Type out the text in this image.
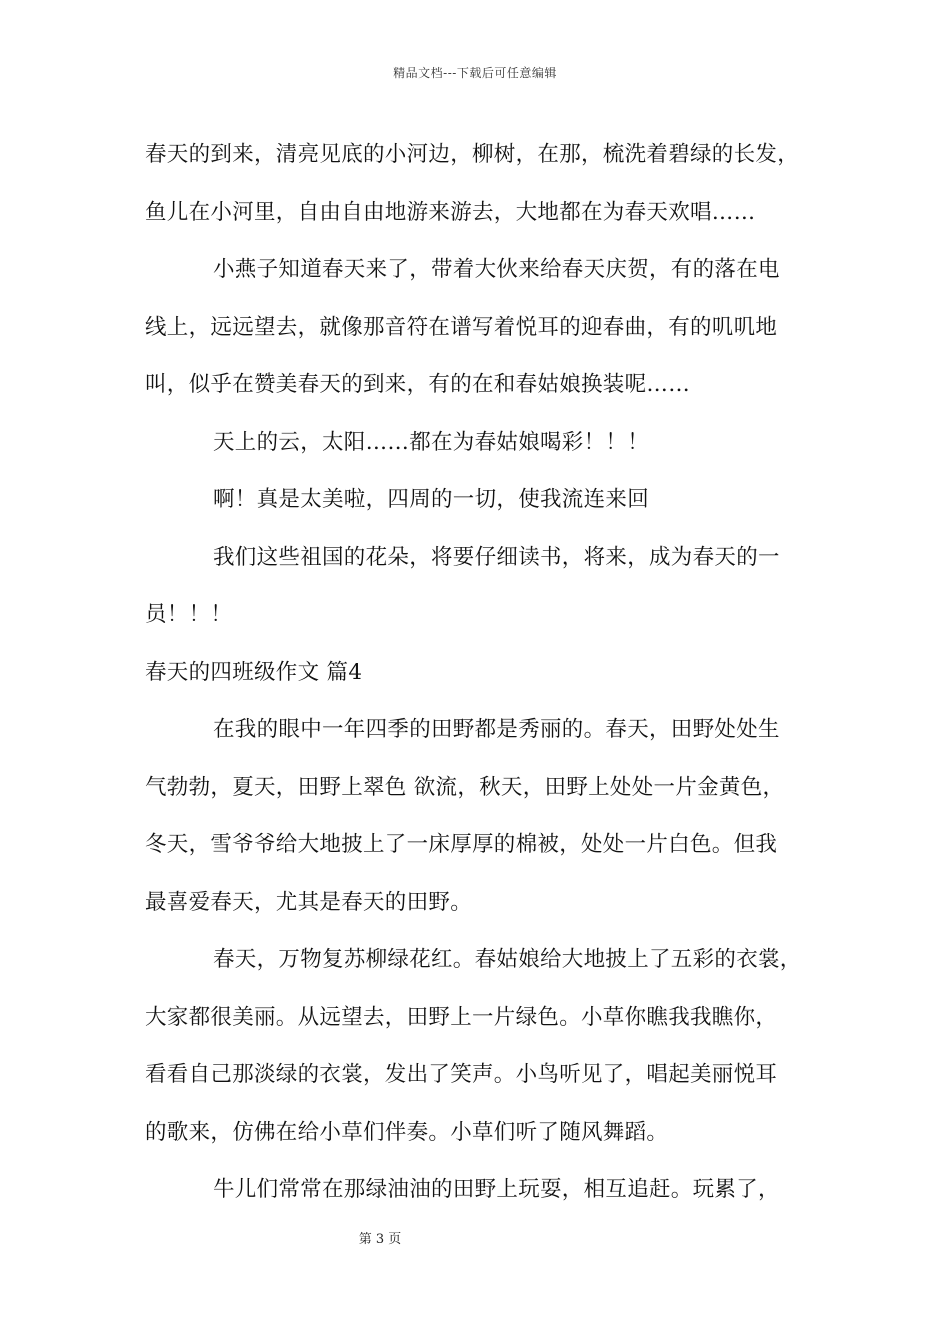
精品文档---下载后可任意编辑
春天的到来，清亮见底的小河边，柳树，在那，梳洗着碧绿的长发，
鱼儿在小河里，自由自由地游来游去，大地都在为春天欢唱……
小燕子知道春天来了，带着大伙来给春天庆贺，有的落在电
线上，远远望去，就像那音符在谱写着悦耳的迎春曲，有的叽叽地
叫，似乎在赞美春天的到来，有的在和春姑娘换装呢……
天上的云，太阳……都在为春姑娘喝彩！！！
啊！真是太美啦，四周的一切，使我流连来回
我们这些祖国的花朵，将要仔细读书，将来，成为春天的一
员！！！
春天的四班级作文 篇4
在我的眼中一年四季的田野都是秀丽的。春天，田野处处生
气勃勃，夏天，田野上翠色 欲流，秋天，田野上处处一片金黄色，
冬天，雪爷爷给大地披上了一床厚厚的棉被，处处一片白色。但我
最喜爱春天，尤其是春天的田野。
春天，万物复苏柳绿花红。春姑娘给大地披上了五彩的衣裳，
大家都很美丽。从远望去，田野上一片绿色。小草你瞧我我瞧你，
看看自己那淡绿的衣裳，发出了笑声。小鸟听见了，唱起美丽悦耳
的歌来，仿佛在给小草们伴奏。小草们听了随风舞蹈。
牛儿们常常在那绿油油的田野上玩耍，相互追赶。玩累了，
第 3 页
